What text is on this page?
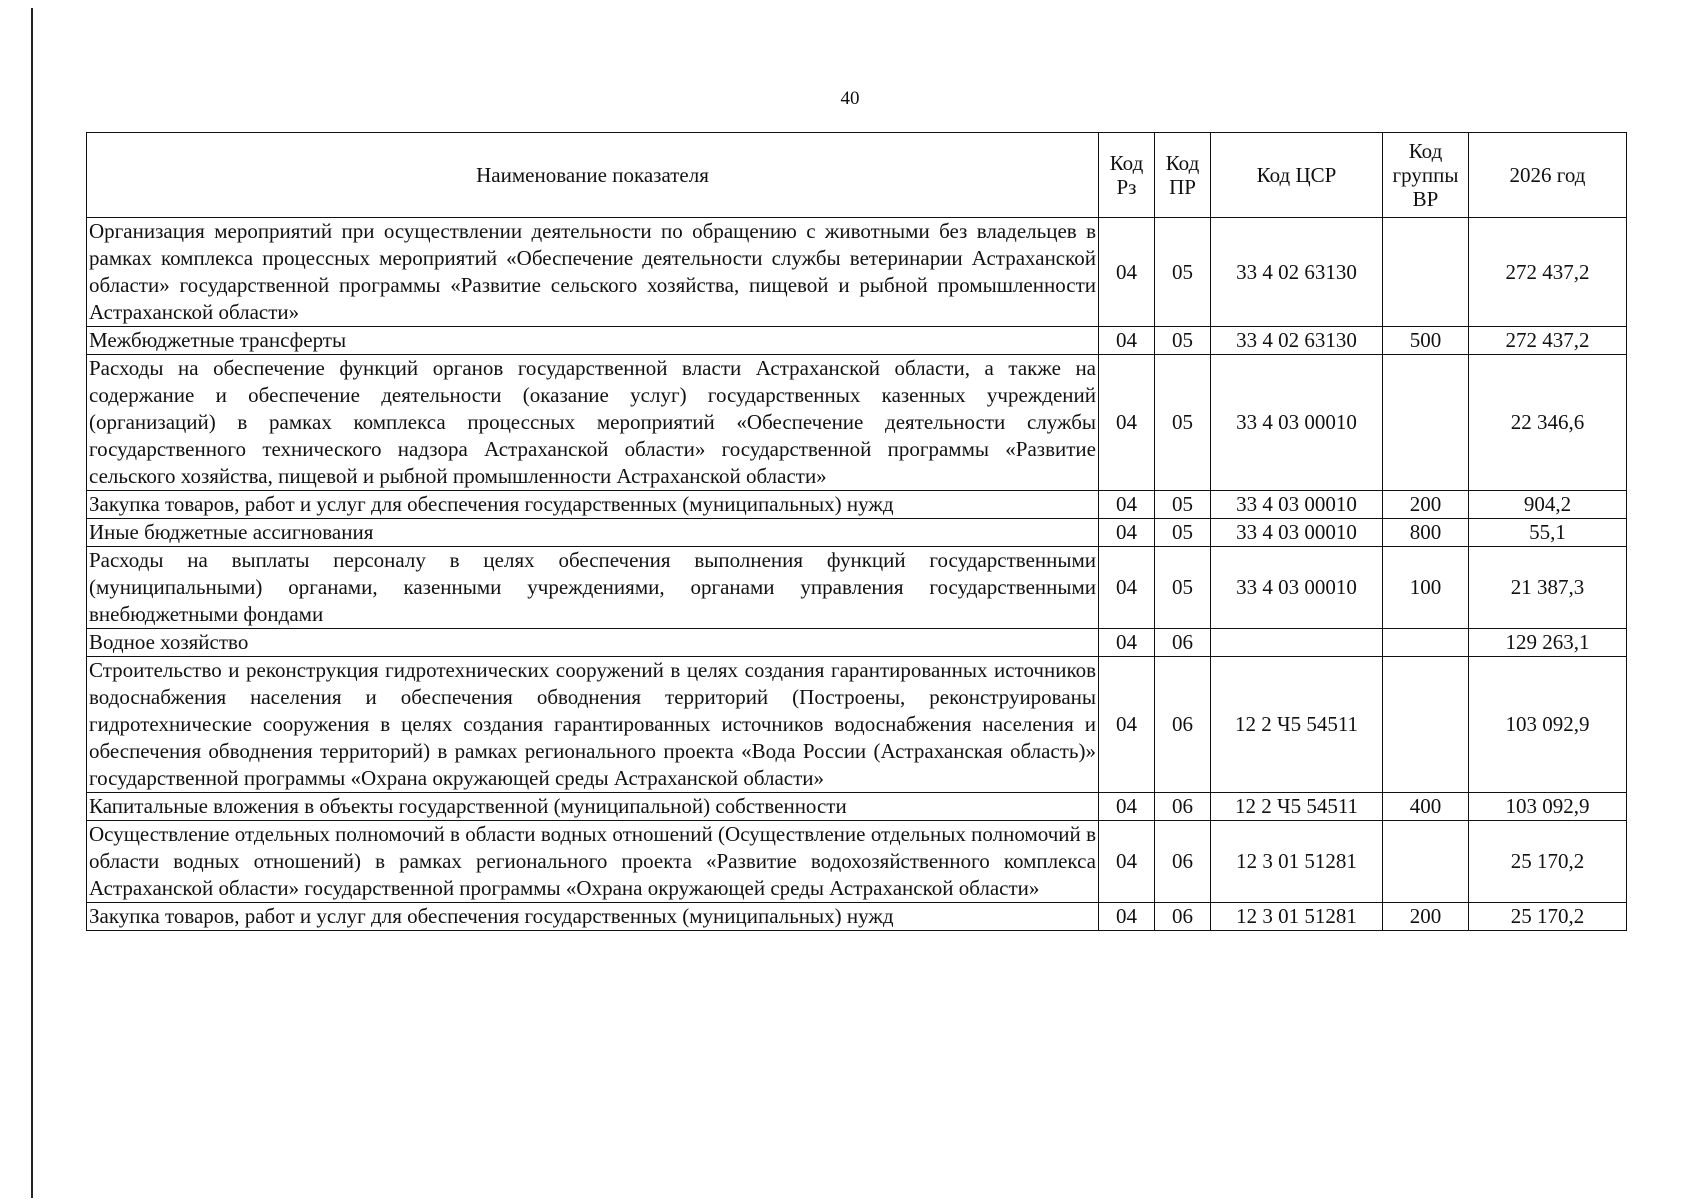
40
Наименование показателя	Код Рз	Код ПР	Код ЦСР	Код группы ВР	2026 год
Организация мероприятий при осуществлении деятельности по обращению с животными без владельцев в рамках комплекса процессных мероприятий «Обеспечение деятельности службы ветеринарии Астраханской области» государственной программы «Развитие сельского хозяйства, пищевой и рыбной промышленности Астраханской области»	04	05	33 4 02 63130		272 437,2
Межбюджетные трансферты	04	05	33 4 02 63130	500	272 437,2
Расходы на обеспечение функций органов государственной власти Астраханской области, а также на содержание и обеспечение деятельности (оказание услуг) государственных казенных учреждений (организаций) в рамках комплекса процессных мероприятий «Обеспечение деятельности службы государственного технического надзора Астраханской области» государственной программы «Развитие сельского хозяйства, пищевой и рыбной промышленности Астраханской области»	04	05	33 4 03 00010		22 346,6
Закупка товаров, работ и услуг для обеспечения государственных (муниципальных) нужд	04	05	33 4 03 00010	200	904,2
Иные бюджетные ассигнования	04	05	33 4 03 00010	800	55,1
Расходы на выплаты персоналу в целях обеспечения выполнения функций государственными (муниципальными) органами, казенными учреждениями, органами управления государственными внебюджетными фондами	04	05	33 4 03 00010	100	21 387,3
Водное хозяйство	04	06			129 263,1
Строительство и реконструкция гидротехнических сооружений в целях создания гарантированных источников водоснабжения населения и обеспечения обводнения территорий (Построены, реконструированы гидротехнические сооружения в целях создания гарантированных источников водоснабжения населения и обеспечения обводнения территорий) в рамках регионального проекта «Вода России (Астраханская область)» государственной программы «Охрана окружающей среды Астраханской области»	04	06	12 2 Ч5 54511		103 092,9
Капитальные вложения в объекты государственной (муниципальной) собственности	04	06	12 2 Ч5 54511	400	103 092,9
Осуществление отдельных полномочий в области водных отношений (Осуществление отдельных полномочий в области водных отношений) в рамках регионального проекта «Развитие водохозяйственного комплекса Астраханской области» государственной программы «Охрана окружающей среды Астраханской области»	04	06	12 3 01 51281		25 170,2
Закупка товаров, работ и услуг для обеспечения государственных (муниципальных) нужд	04	06	12 3 01 51281	200	25 170,2
